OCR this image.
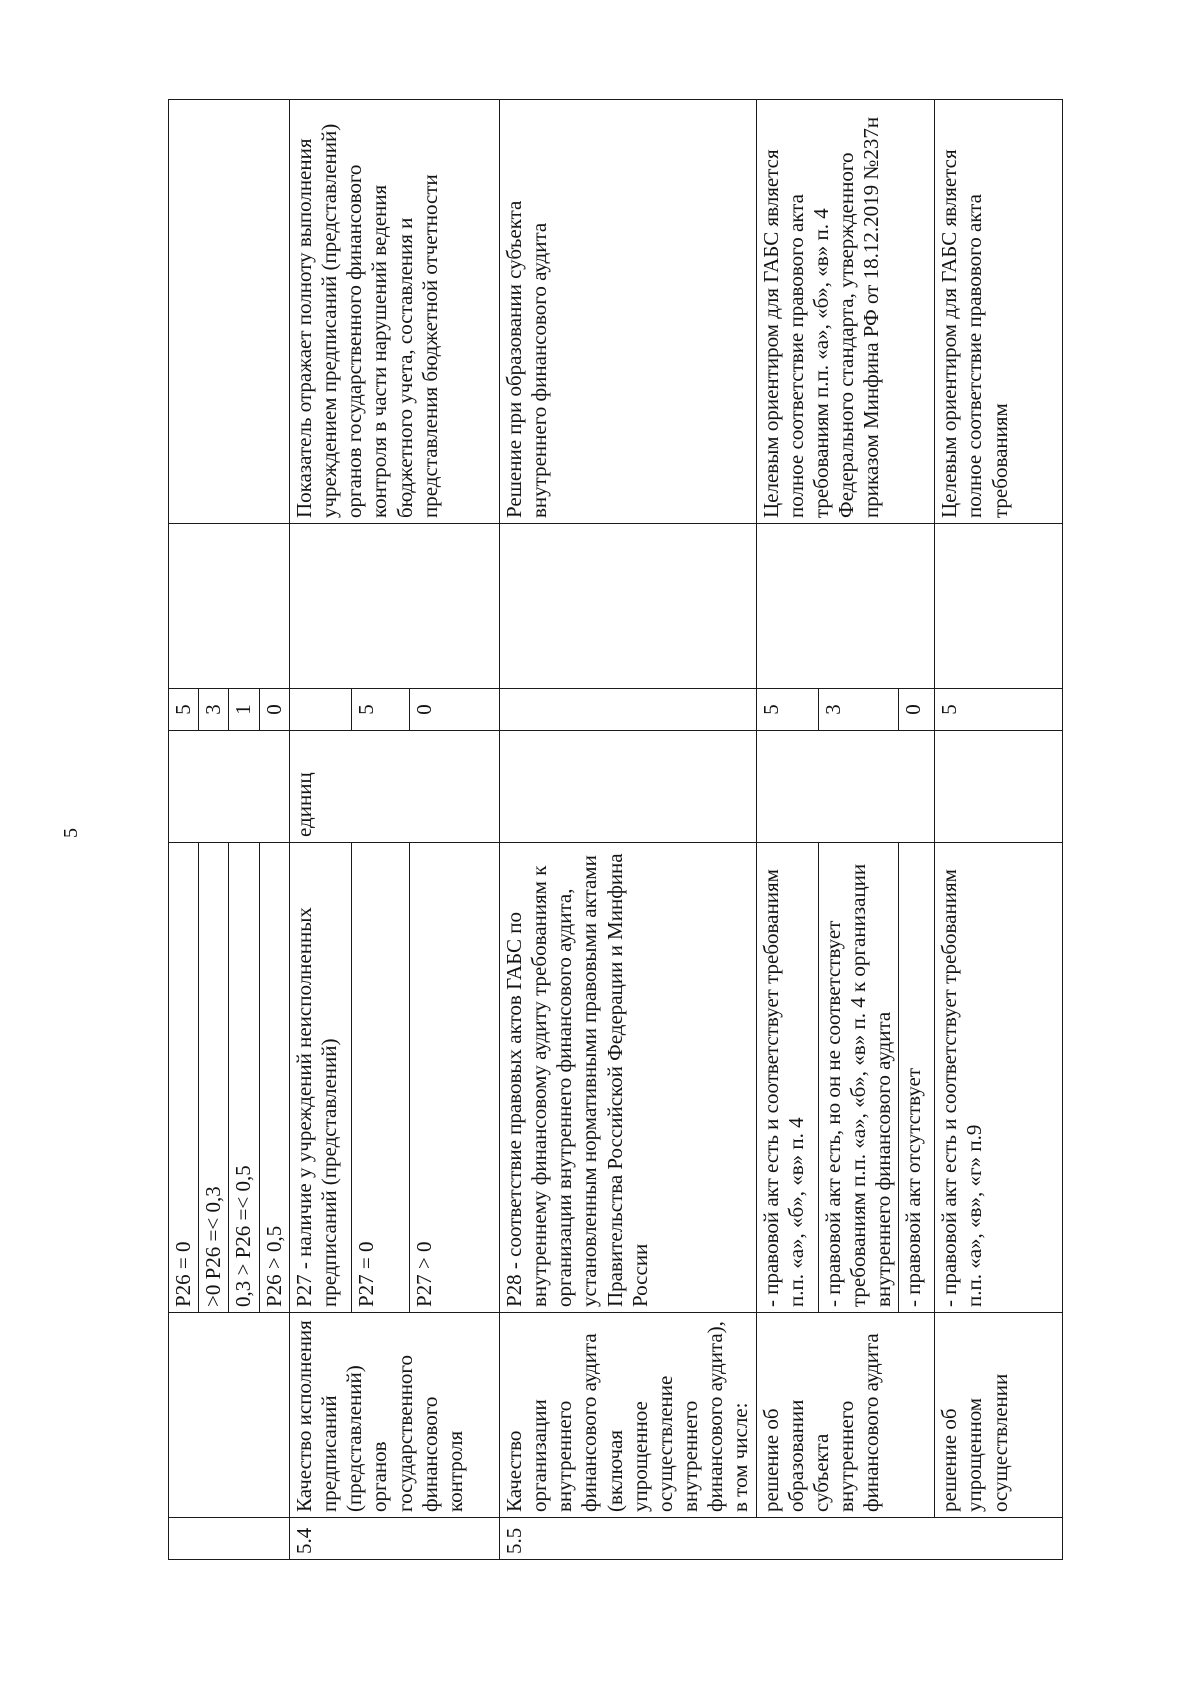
5
		P26 = 0		5		
		>0 P26 =< 0,3		3		
		0,3 > P26 =< 0,5		1		
		P26 > 0,5		0		
5.4	Качество исполнения предписаний (представлений) органов государственного финансового контроля	P27 - наличие у учреждений неисполненных предписаний (представлений)	единиц			Показатель отражает полноту выполнения учреждением предписаний (представлений) органов государственного финансового контроля в части нарушений ведения бюджетного учета, составления и представления бюджетной отчетности
		P27 = 0		5		
		P27 > 0		0		
5.5	Качество организации внутреннего финансового аудита (включая упрощенное осуществление внутреннего финансового аудита), в том числе:	P28 - соответствие правовых актов ГАБС по внутреннему финансовому аудиту требованиям к организации внутреннего финансового аудита, установленным нормативными правовыми актами Правительства Российской Федерации и Минфина России				Решение при образовании субъекта внутреннего финансового аудита
	решение об образовании субъекта внутреннего финансового аудита	- правовой акт есть и соответствует требованиям п.п. «а», «б», «в» п. 4		5		Целевым ориентиром для ГАБС является полное соответствие правового акта требованиям п.п. «а», «б», «в» п. 4 Федерального стандарта, утвержденного приказом Минфина РФ от 18.12.2019 №237н
		- правовой акт есть, но он не соответствует требованиям п.п. «а», «б», «в» п. 4 к организации внутреннего финансового аудита		3		
		- правовой акт отсутствует		0		
	решение об упрощенном осуществлении	- правовой акт есть и соответствует требованиям п.п. «а», «в», «г» п.9		5		Целевым ориентиром для ГАБС является полное соответствие правового акта требованиям
